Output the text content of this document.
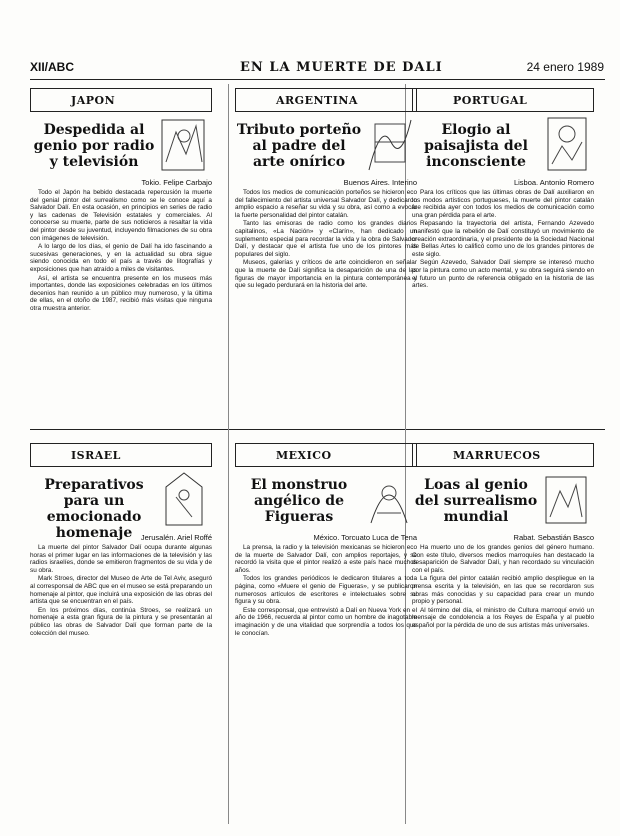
XII/ABC	EN LA MUERTE DE DALI	24 enero 1989
JAPON
Despedida al genio por radio y televisión
Tokio. Felipe Carbajo

Todo el Japón ha bebido destacada repercusión la muerte del genial pintor del surrealismo como se le conoce aquí a Salvador Dalí. En esta ocasión, en principios en series de radio y las cadenas de Televisión estatales y comerciales. Al conocerse su muerte, parte de sus noticieros a resaltar la vida del pintor desde su juventud, incluyendo filmaciones de su obra con imágenes de televisión.

A lo largo de los días, el genio de Dalí ha ido fascinando a sucesivas generaciones, y en la actualidad su obra sigue siendo conocida en todo el país a través de litografías y exposiciones que han atraído a miles de visitantes.

Así, el artista se encuentra presente en los museos más importantes, donde las exposiciones celebradas en los últimos decenios han reunido a un público muy numeroso, y la última de ellas, en el otoño de 1987, recibió más visitas que ninguna otra muestra anterior.

ARGENTINA
Tributo porteño al padre del arte onírico
Buenos Aires. Interino

Todos los medios de comunicación porteños se hicieron eco del fallecimiento del artista universal Salvador Dalí, y dedicaron amplio espacio a reseñar su vida y su obra, así como a evocar la fuerte personalidad del pintor catalán.

Tanto las emisoras de radio como los grandes diarios capitalinos, «La Nación» y «Clarín», han dedicado un suplemento especial para recordar la vida y la obra de Salvador Dalí, y destacar que el artista fue uno de los pintores más populares del siglo.

Museos, galerías y críticos de arte coincidieron en señalar que la muerte de Dalí significa la desaparición de una de las figuras de mayor importancia en la pintura contemporánea y que su legado perdurará en la historia del arte.

PORTUGAL
Elogio al paisajista del inconsciente
Lisboa. Antonio Romero

Para los críticos que las últimas obras de Dalí auxiliaron en los modos artísticos portugueses, la muerte del pintor catalán fue recibida ayer con todos los medios de comunicación como una gran pérdida para el arte.

Repasando la trayectoria del artista, Fernando Azevedo manifestó que la rebelión de Dalí constituyó un movimiento de creación extraordinaria, y el presidente de la Sociedad Nacional de Bellas Artes lo calificó como uno de los grandes pintores de este siglo.

Según Azevedo, Salvador Dalí siempre se interesó mucho por la pintura como un acto mental, y su obra seguirá siendo en el futuro un punto de referencia obligado en la historia de las artes.

ISRAEL
Preparativos para un emocionado homenaje	Jerusalén. Ariel Roffé

La muerte del pintor Salvador Dalí ocupa durante algunas horas el primer lugar en las informaciones de la televisión y las radios israelíes, donde se emitieron fragmentos de su vida y de su obra.

Mark Stroes, director del Museo de Arte de Tel Aviv, aseguró al corresponsal de ABC que en el museo se está preparando un homenaje al pintor, que incluirá una exposición de las obras del artista que se encuentran en el país.

En los próximos días, continúa Stroes, se realizará un homenaje a esta gran figura de la pintura y se presentarán al público las obras de Salvador Dalí que forman parte de la colección del museo.

MEXICO
El monstruo angélico de Figueras
México. Torcuato Luca de Tena

La prensa, la radio y la televisión mexicanas se hicieron eco de la muerte de Salvador Dalí, con amplios reportajes, y se recordó la visita que el pintor realizó a este país hace muchos años.

Todos los grandes periódicos le dedicaron titulares a toda página, como «Muere el genio de Figueras», y se publicaron numerosos artículos de escritores e intelectuales sobre su figura y su obra.

Este corresponsal, que entrevistó a Dalí en Nueva York en el año de 1966, recuerda al pintor como un hombre de inagotable imaginación y de una vitalidad que sorprendía a todos los que le conocían.

MARRUECOS
Loas al genio del surrealismo mundial
Rabat. Sebastián Basco

Ha muerto uno de los grandes genios del género humano. Con este título, diversos medios marroquíes han destacado la desaparición de Salvador Dalí, y han recordado su vinculación con el país.

La figura del pintor catalán recibió amplio despliegue en la prensa escrita y la televisión, en las que se recordaron sus obras más conocidas y su capacidad para crear un mundo propio y personal.

Al término del día, el ministro de Cultura marroquí envió un mensaje de condolencia a los Reyes de España y al pueblo español por la pérdida de uno de sus artistas más universales.
